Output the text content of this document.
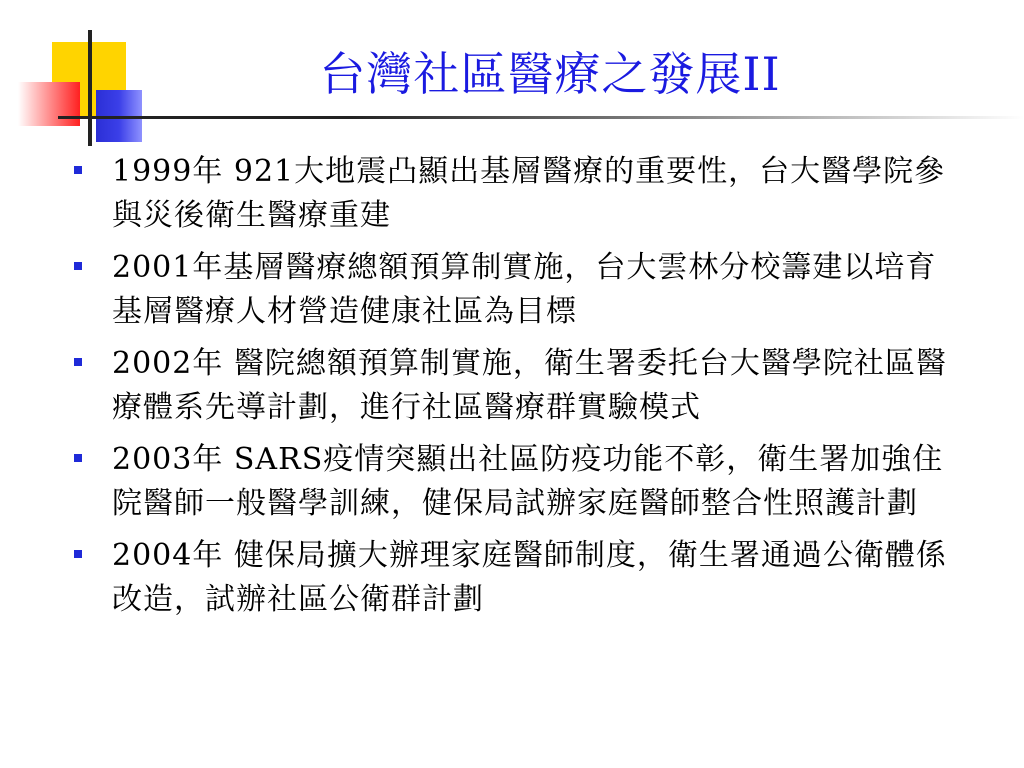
台灣社區醫療之發展II
1999年 921大地震凸顯出基層醫療的重要性，台大醫學院參與災後衛生醫療重建
2001年基層醫療總額預算制實施，台大雲林分校籌建以培育基層醫療人材營造健康社區為目標
2002年 醫院總額預算制實施，衛生署委托台大醫學院社區醫療體系先導計劃，進行社區醫療群實驗模式
2003年 SARS疫情突顯出社區防疫功能不彰，衛生署加強住院醫師一般醫學訓練，健保局試辦家庭醫師整合性照護計劃
2004年 健保局擴大辦理家庭醫師制度，衛生署通過公衛體係改造，試辦社區公衛群計劃
